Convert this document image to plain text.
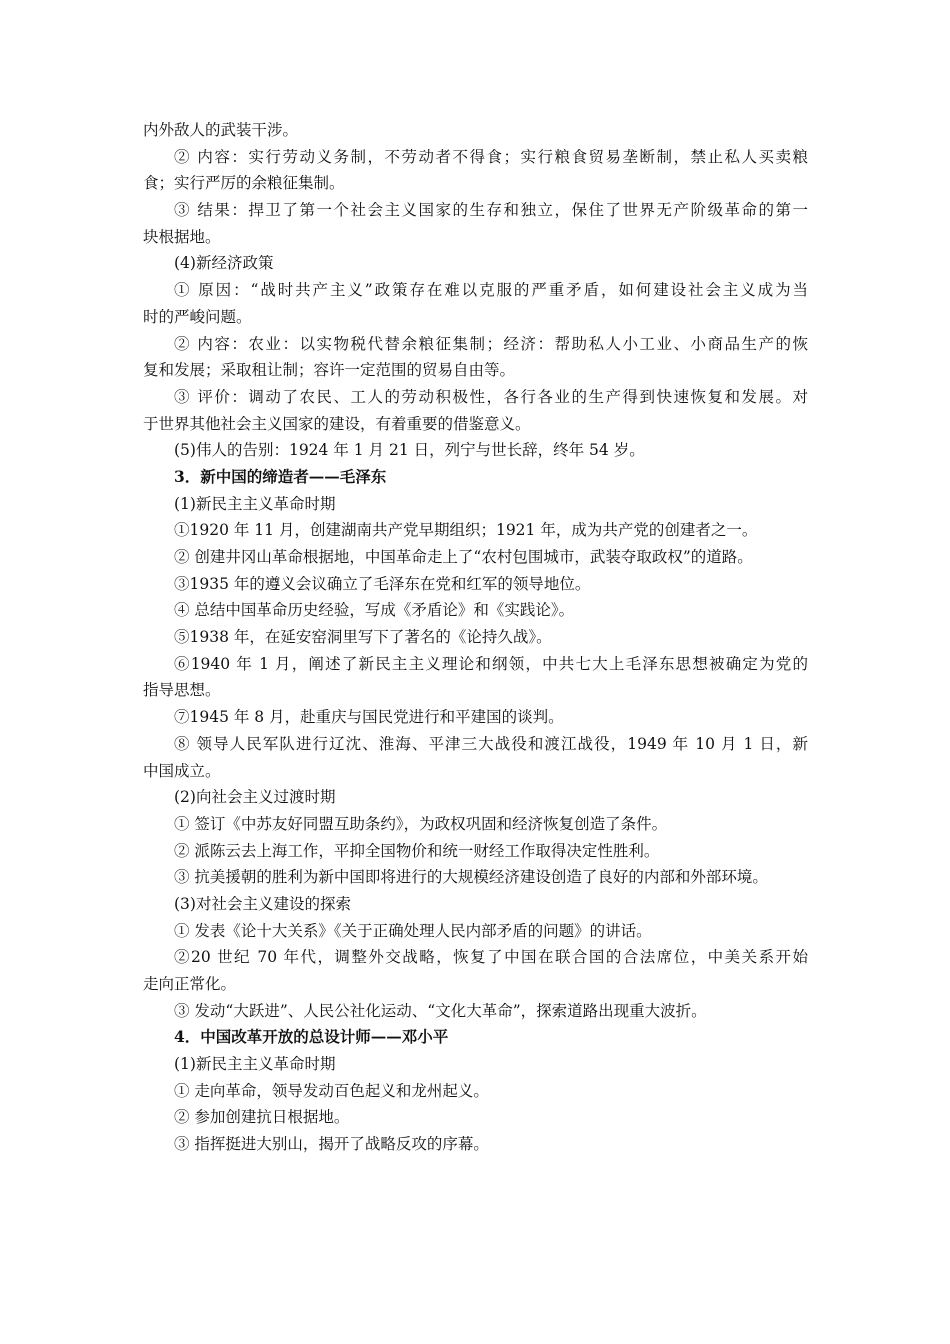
内外敌人的武装干涉。
② 内容：实行劳动义务制，不劳动者不得食；实行粮食贸易垄断制，禁止私人买卖粮
食；实行严厉的余粮征集制。
③ 结果：捍卫了第一个社会主义国家的生存和独立，保住了世界无产阶级革命的第一
块根据地。
(4)新经济政策
① 原因：“战时共产主义”政策存在难以克服的严重矛盾，如何建设社会主义成为当
时的严峻问题。
② 内容：农业：以实物税代替余粮征集制；经济：帮助私人小工业、小商品生产的恢
复和发展；采取租让制；容许一定范围的贸易自由等。
③ 评价：调动了农民、工人的劳动积极性，各行各业的生产得到快速恢复和发展。对
于世界其他社会主义国家的建设，有着重要的借鉴意义。
(5)伟人的告别：1924 年 1 月 21 日，列宁与世长辞，终年 54 岁。
3．新中国的缔造者——毛泽东
(1)新民主主义革命时期
①1920 年 11 月，创建湖南共产党早期组织；1921 年，成为共产党的创建者之一。
② 创建井冈山革命根据地，中国革命走上了“农村包围城市，武装夺取政权”的道路。
③1935 年的遵义会议确立了毛泽东在党和红军的领导地位。
④ 总结中国革命历史经验，写成《矛盾论》和《实践论》。
⑤1938 年，在延安窑洞里写下了著名的《论持久战》。
⑥1940 年 1 月，阐述了新民主主义理论和纲领，中共七大上毛泽东思想被确定为党的
指导思想。
⑦1945 年 8 月，赴重庆与国民党进行和平建国的谈判。
⑧ 领导人民军队进行辽沈、淮海、平津三大战役和渡江战役，1949 年 10 月 1 日，新
中国成立。
(2)向社会主义过渡时期
① 签订《中苏友好同盟互助条约》，为政权巩固和经济恢复创造了条件。
② 派陈云去上海工作，平抑全国物价和统一财经工作取得决定性胜利。
③ 抗美援朝的胜利为新中国即将进行的大规模经济建设创造了良好的内部和外部环境。
(3)对社会主义建设的探索
① 发表《论十大关系》《关于正确处理人民内部矛盾的问题》的讲话。
②20 世纪 70 年代，调整外交战略，恢复了中国在联合国的合法席位，中美关系开始
走向正常化。
③ 发动“大跃进”、人民公社化运动、“文化大革命”，探索道路出现重大波折。
4．中国改革开放的总设计师——邓小平
(1)新民主主义革命时期
① 走向革命，领导发动百色起义和龙州起义。
② 参加创建抗日根据地。
③ 指挥挺进大别山，揭开了战略反攻的序幕。
